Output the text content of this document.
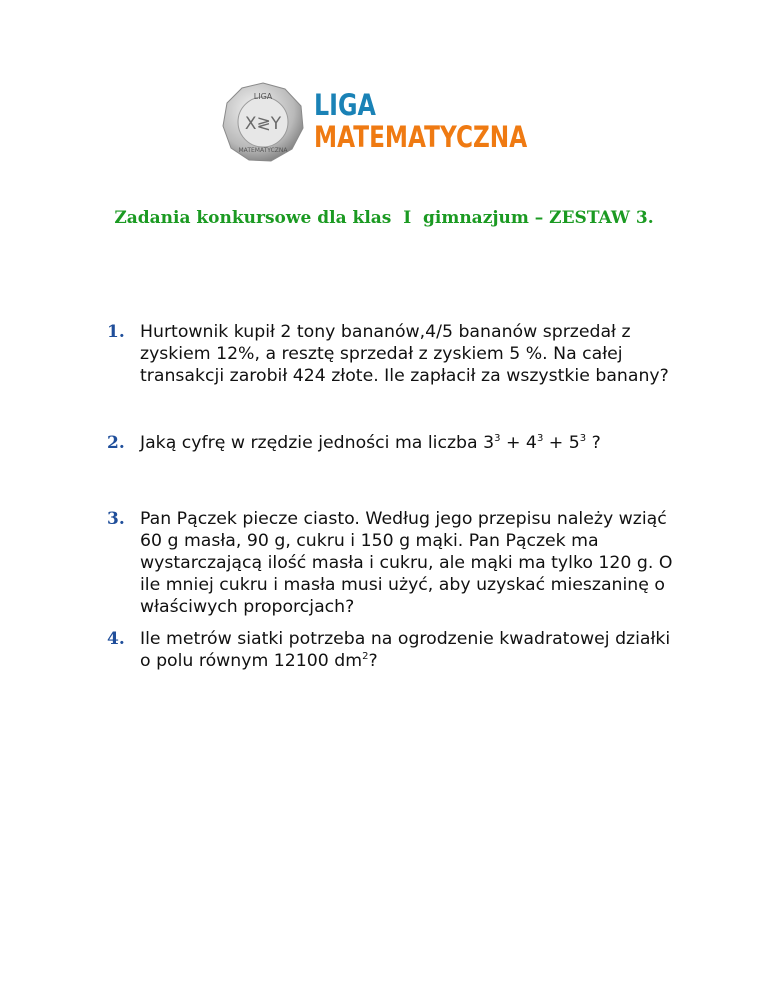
LIGA
X≷Y
MATEMATYCZNA
LIGA
MATEMATYCZNA
Zadania konkursowe dla klas  I  gimnazjum – ZESTAW 3.
1. Hurtownik kupił 2 tony bananów,4/5 bananów sprzedał z zyskiem 12%, a resztę sprzedał z zyskiem 5 %. Na całej transakcji zarobił 424 złote. Ile zapłacił za wszystkie banany?
2. Jaką cyfrę w rzędzie jedności ma liczba $3^3 + 4^3 + 5^3$ ?
3. Pan Pączek piecze ciasto. Według jego przepisu należy wziąć 60 g masła, 90 g, cukru i 150 g mąki. Pan Pączek ma wystarczającą ilość masła i cukru, ale mąki ma tylko 120 g. O ile mniej cukru i masła musi użyć, aby uzyskać mieszaninę o właściwych proporcjach?
4. Ile metrów siatki potrzeba na ogrodzenie kwadratowej działki o polu równym 12100 $dm^2$?
